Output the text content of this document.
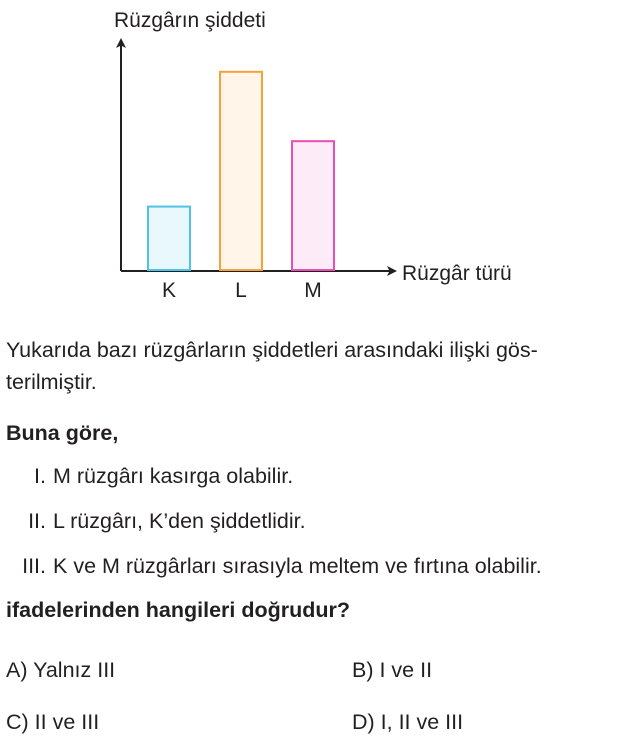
Rüzgârın şiddeti
Rüzgâr türü
K	L	M
Yukarıda bazı rüzgârların şiddetleri arasındaki ilişki gös-
terilmiştir.
Buna göre,
I. M rüzgârı kasırga olabilir.
II. L rüzgârı, K’den şiddetlidir.
III. K ve M rüzgârları sırasıyla meltem ve fırtına olabilir.
ifadelerinden hangileri doğrudur?
A) Yalnız III	B) I ve II
C) II ve III	D) I, II ve III
